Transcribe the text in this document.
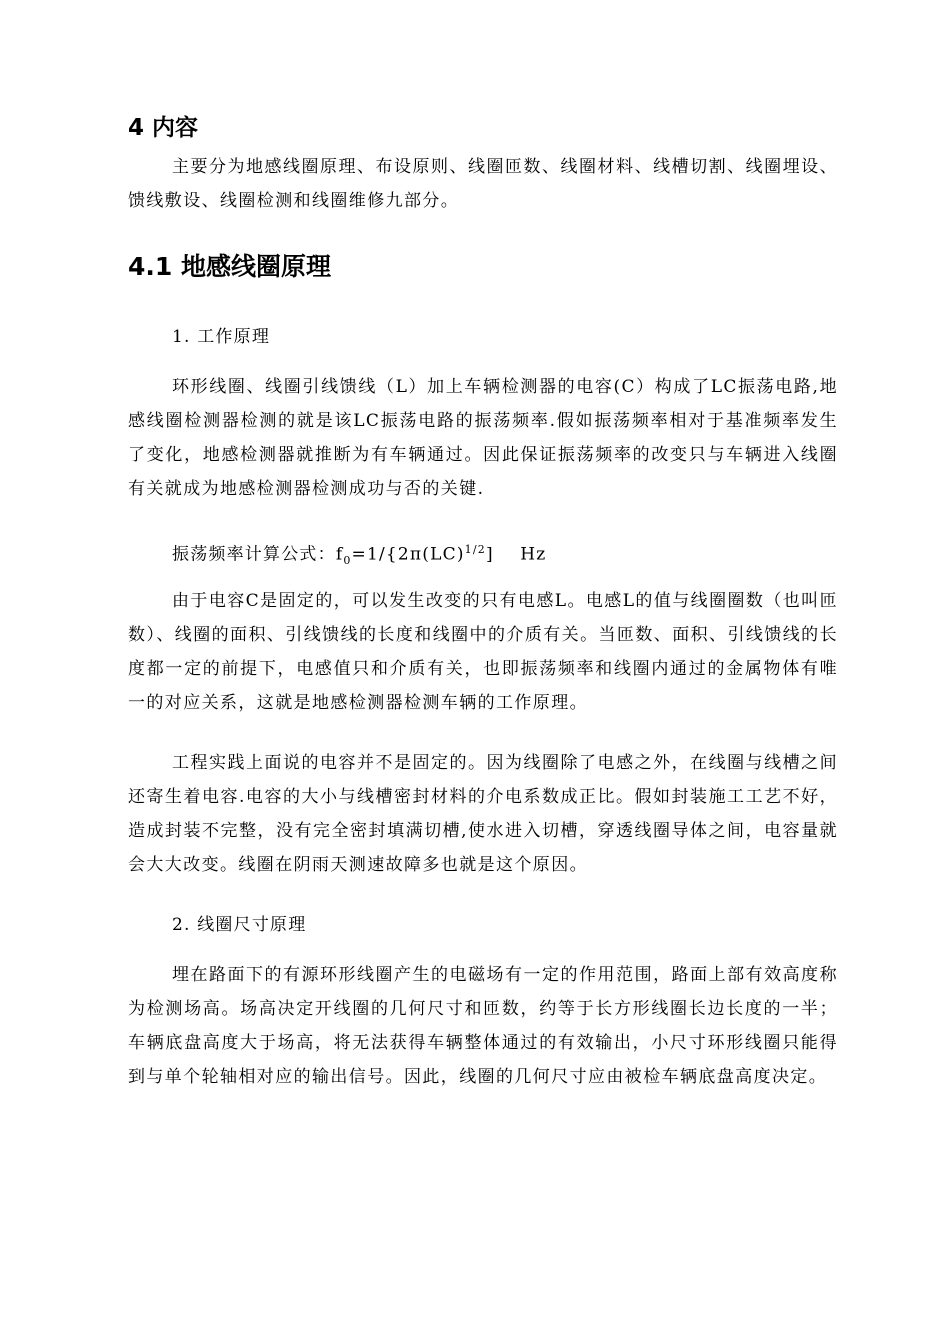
4 内容

主要分为地感线圈原理、布设原则、线圈匝数、线圈材料、线槽切割、线圈埋设、馈线敷设、线圈检测和线圈维修九部分。

4.1 地感线圈原理

1. 工作原理

环形线圈、线圈引线馈线（L）加上车辆检测器的电容(C）构成了LC振荡电路,地感线圈检测器检测的就是该LC振荡电路的振荡频率.假如振荡频率相对于基准频率发生了变化，地感检测器就推断为有车辆通过。因此保证振荡频率的改变只与车辆进入线圈有关就成为地感检测器检测成功与否的关键.

振荡频率计算公式：$f_0=1/\{2\pi(LC)^{1/2}]$ Hz

由于电容C是固定的，可以发生改变的只有电感L。电感L的值与线圈圈数（也叫匝数）、线圈的面积、引线馈线的长度和线圈中的介质有关。当匝数、面积、引线馈线的长度都一定的前提下，电感值只和介质有关，也即振荡频率和线圈内通过的金属物体有唯一的对应关系，这就是地感检测器检测车辆的工作原理。

工程实践上面说的电容并不是固定的。因为线圈除了电感之外，在线圈与线槽之间还寄生着电容.电容的大小与线槽密封材料的介电系数成正比。假如封装施工工艺不好，造成封装不完整，没有完全密封填满切槽,使水进入切槽，穿透线圈导体之间，电容量就会大大改变。线圈在阴雨天测速故障多也就是这个原因。

2. 线圈尺寸原理

埋在路面下的有源环形线圈产生的电磁场有一定的作用范围，路面上部有效高度称为检测场高。场高决定开线圈的几何尺寸和匝数，约等于长方形线圈长边长度的一半；车辆底盘高度大于场高，将无法获得车辆整体通过的有效输出，小尺寸环形线圈只能得到与单个轮轴相对应的输出信号。因此，线圈的几何尺寸应由被检车辆底盘高度决定。
